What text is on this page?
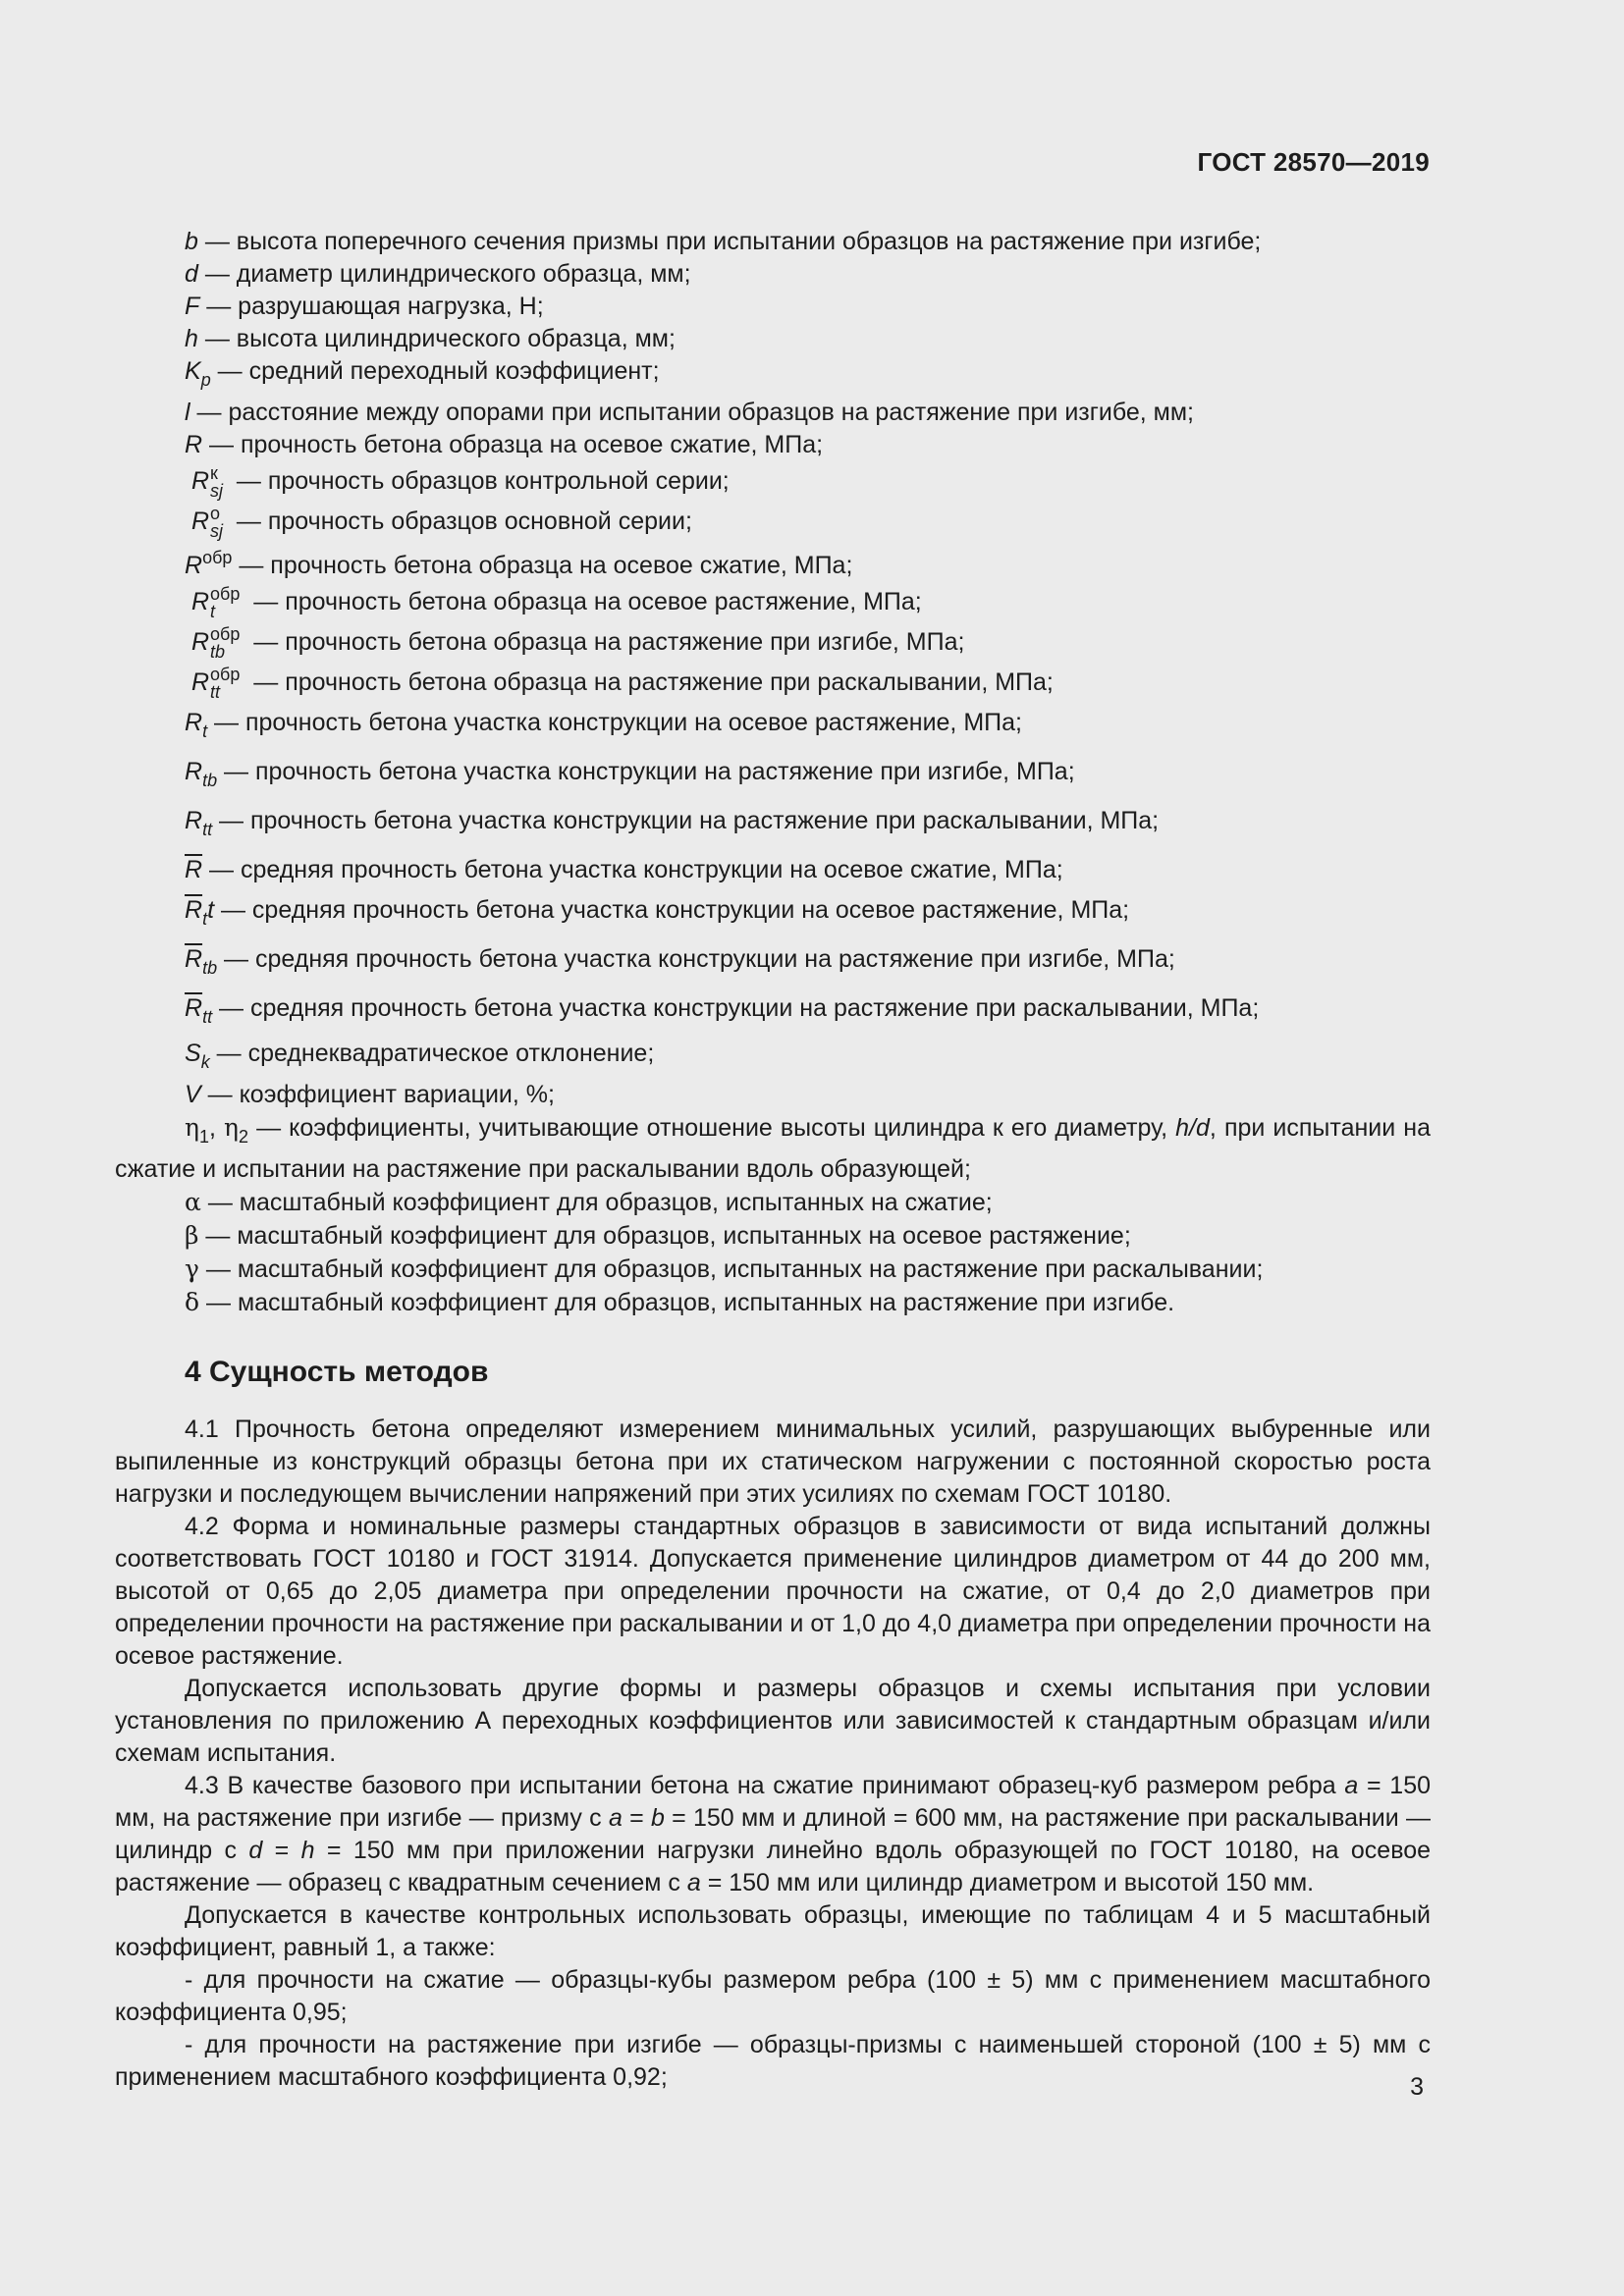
ГОСТ 28570—2019

b — высота поперечного сечения призмы при испытании образцов на растяжение при изгибе;

d — диаметр цилиндрического образца, мм;

F — разрушающая нагрузка, Н;

h — высота цилиндрического образца, мм;

$K_p$ — средний переходный коэффициент;

l — расстояние между опорами при испытании образцов на растяжение при изгибе, мм;

R — прочность бетона образца на осевое сжатие, МПа;

R к
sj — прочность образцов контрольной серии;

R о
sj — прочность образцов основной серии;

$R^{обр}$ — прочность бетона образца на осевое сжатие, МПа;

R обр
t	— прочность бетона образца на осевое растяжение, МПа;

R обр
tb	— прочность бетона образца на растяжение при изгибе, МПа;

R обр
tt	— прочность бетона образца на растяжение при раскалывании, МПа;

$R_t$ — прочность бетона участка конструкции на осевое растяжение, МПа;

$R_{tb}$ — прочность бетона участка конструкции на растяжение при изгибе, МПа;

$R_{tt}$ — прочность бетона участка конструкции на растяжение при раскалывании, МПа;

$\overline{R}$ — средняя прочность бетона участка конструкции на осевое сжатие, МПа;

$\overline{R}_tt$ — средняя прочность бетона участка конструкции на осевое растяжение, МПа;

$\overline{R}_{tb}$ — средняя прочность бетона участка конструкции на растяжение при изгибе, МПа;

$\overline{R}_{tt}$ — средняя прочность бетона участка конструкции на растяжение при раскалывании, МПа;

$S_k$ — среднеквадратическое отклонение;

V — коэффициент вариации, %;

$\eta_1$, $\eta_2$ — коэффициенты, учитывающие отношение высоты цилиндра к его диаметру, h/d, при испытании на сжатие и испытании на растяжение при раскалывании вдоль образующей;

α — масштабный коэффициент для образцов, испытанных на сжатие;

β — масштабный коэффициент для образцов, испытанных на осевое растяжение;

γ — масштабный коэффициент для образцов, испытанных на растяжение при раскалывании;

δ — масштабный коэффициент для образцов, испытанных на растяжение при изгибе.

4 Сущность методов

4.1 Прочность бетона определяют измерением минимальных усилий, разрушающих выбуренные или выпиленные из конструкций образцы бетона при их статическом нагружении с постоянной скоростью роста нагрузки и последующем вычислении напряжений при этих усилиях по схемам ГОСТ 10180.

4.2 Форма и номинальные размеры стандартных образцов в зависимости от вида испытаний должны соответствовать ГОСТ 10180 и ГОСТ 31914. Допускается применение цилиндров диаметром от 44 до 200 мм, высотой от 0,65 до 2,05 диаметра при определении прочности на сжатие, от 0,4 до 2,0 диаметров при определении прочности на растяжение при раскалывании и от 1,0 до 4,0 диаметра при определении прочности на осевое растяжение.

Допускается использовать другие формы и размеры образцов и схемы испытания при условии установления по приложению А переходных коэффициентов или зависимостей к стандартным образцам и/или схемам испытания.

4.3 В качестве базового при испытании бетона на сжатие принимают образец-куб размером ребра a = 150 мм, на растяжение при изгибе — призму с a = b = 150 мм и длиной = 600 мм, на растяжение при раскалывании — цилиндр с d = h = 150 мм при приложении нагрузки линейно вдоль образующей по ГОСТ 10180, на осевое растяжение — образец с квадратным сечением с a = 150 мм или цилиндр диаметром и высотой 150 мм.

Допускается в качестве контрольных использовать образцы, имеющие по таблицам 4 и 5 масштабный коэффициент, равный 1, а также:

- для прочности на сжатие — образцы-кубы размером ребра (100 ± 5) мм с применением масштабного коэффициента 0,95;

- для прочности на растяжение при изгибе — образцы-призмы с наименьшей стороной (100 ± 5) мм с применением масштабного коэффициента 0,92;	3
